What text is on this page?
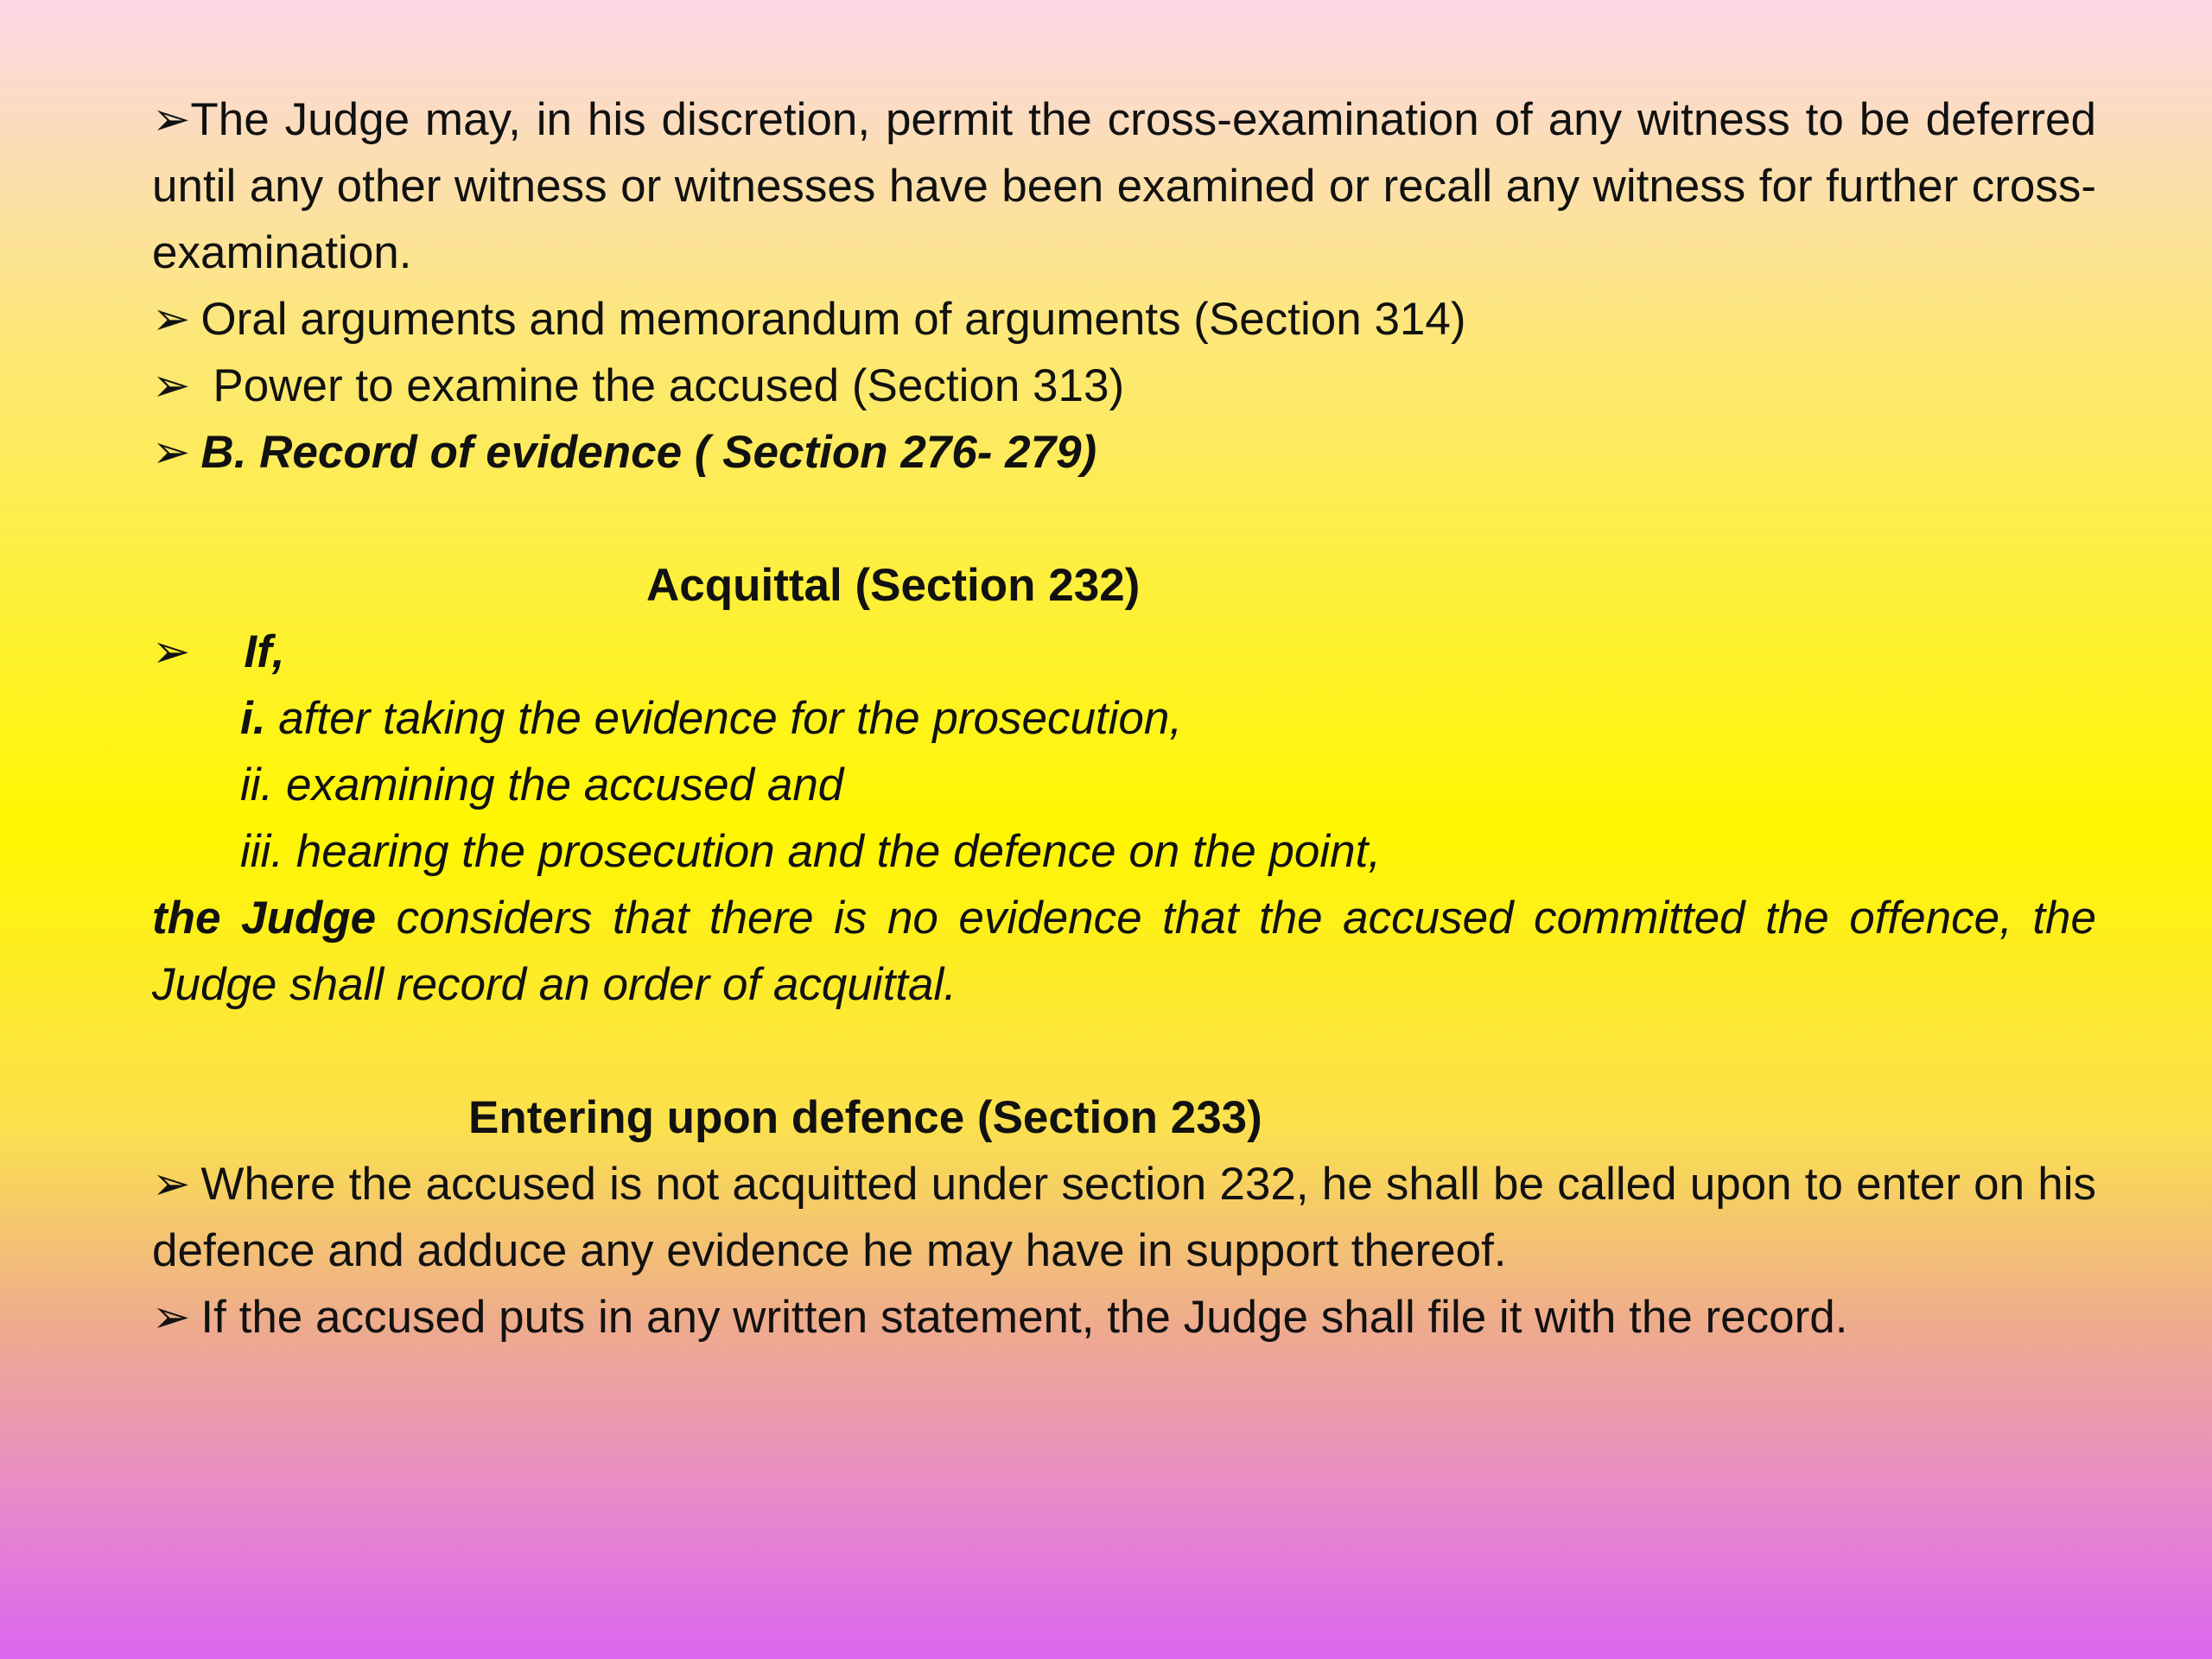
➢The Judge may, in his discretion, permit the cross-examination of any witness to be deferred until any other witness or witnesses have been examined or recall any witness for further cross-examination.
➢ Oral arguments and memorandum of arguments (Section 314)
➢ Power to examine the accused (Section 313)
➢ B. Record of evidence ( Section 276- 279)
Acquittal (Section 232)
➢ If,
i. after taking the evidence for the prosecution,
ii. examining the accused and
iii. hearing the prosecution and the defence on the point,
the Judge considers that there is no evidence that the accused committed the offence, the Judge shall record an order of acquittal.
Entering upon defence (Section 233)
➢ Where the accused is not acquitted under section 232, he shall be called upon to enter on his defence and adduce any evidence he may have in support thereof.
➢ If the accused puts in any written statement, the Judge shall file it with the record.
